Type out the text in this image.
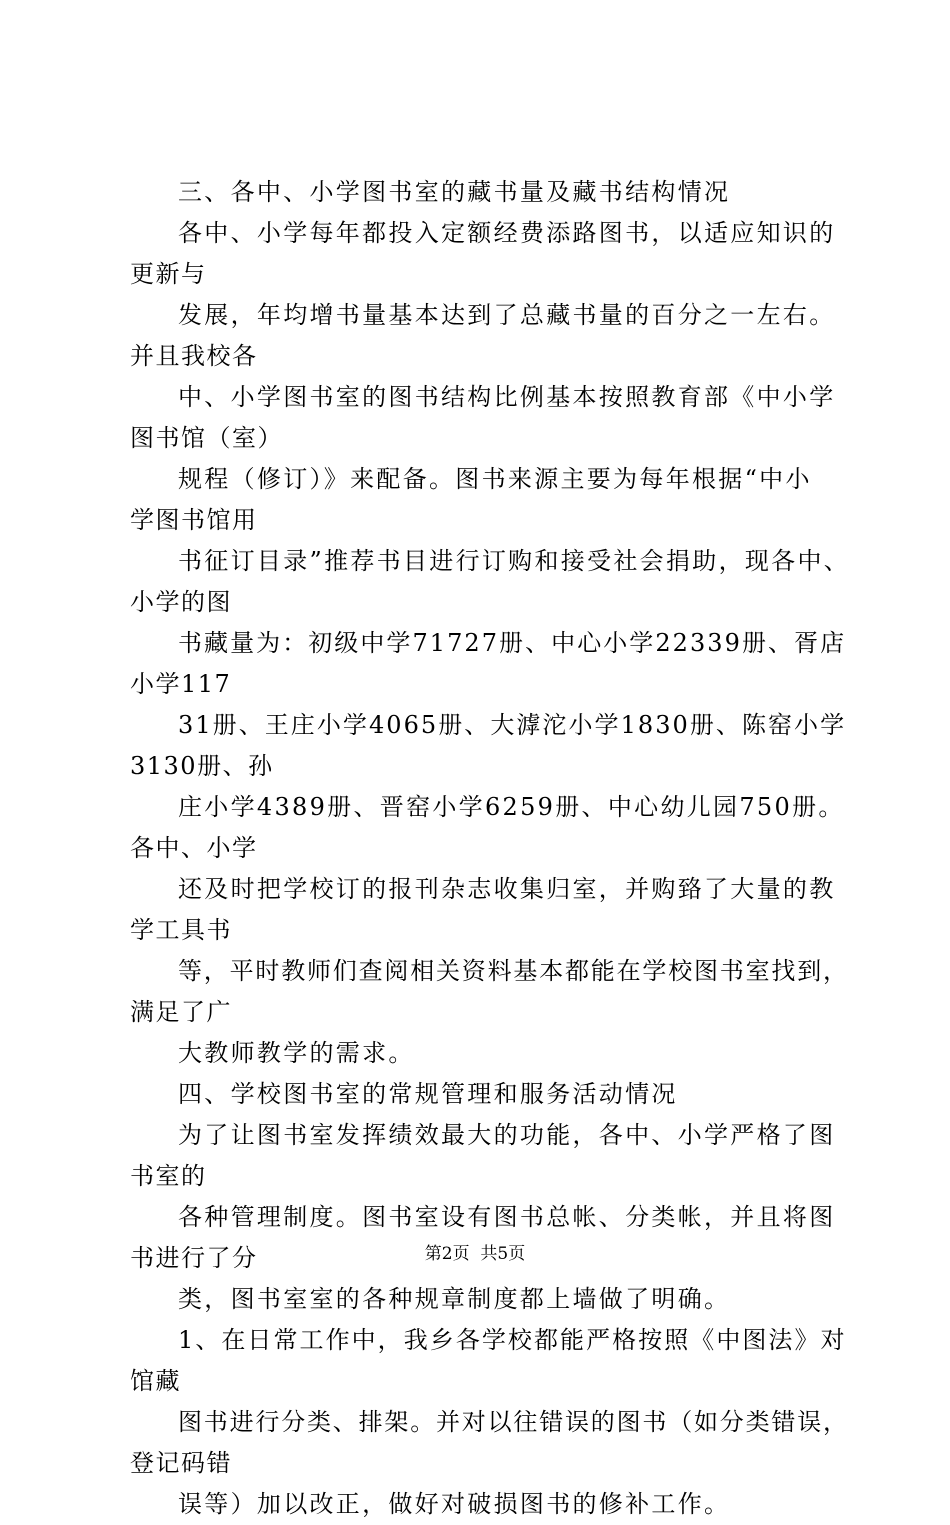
三、各中、小学图书室的藏书量及藏书结构情况
各中、小学每年都投入定额经费添路图书，以适应知识的
更新与
发展，年均增书量基本达到了总藏书量的百分之一左右。
并且我校各
中、小学图书室的图书结构比例基本按照教育部《中小学
图书馆（室）
规程（修订）》来配备。图书来源主要为每年根据“中小
学图书馆用
书征订目录”推荐书目进行订购和接受社会捐助，现各中、
小学的图
书藏量为：初级中学71727册、中心小学22339册、胥店
小学117
31册、王庄小学4065册、大滹沱小学1830册、陈窑小学
3130册、孙
庄小学4389册、晋窑小学6259册、中心幼儿园750册。
各中、小学
还及时把学校订的报刊杂志收集归室，并购臵了大量的教
学工具书
等，平时教师们查阅相关资料基本都能在学校图书室找到，
满足了广
大教师教学的需求。
四、学校图书室的常规管理和服务活动情况
为了让图书室发挥绩效最大的功能，各中、小学严格了图
书室的
各种管理制度。图书室设有图书总帐、分类帐，并且将图
书进行了分
类，图书室室的各种规章制度都上墙做了明确。
1、在日常工作中，我乡各学校都能严格按照《中图法》对
馆藏
图书进行分类、排架。并对以往错误的图书（如分类错误，
登记码错
误等）加以改正，做好对破损图书的修补工作。
第2页  共5页
